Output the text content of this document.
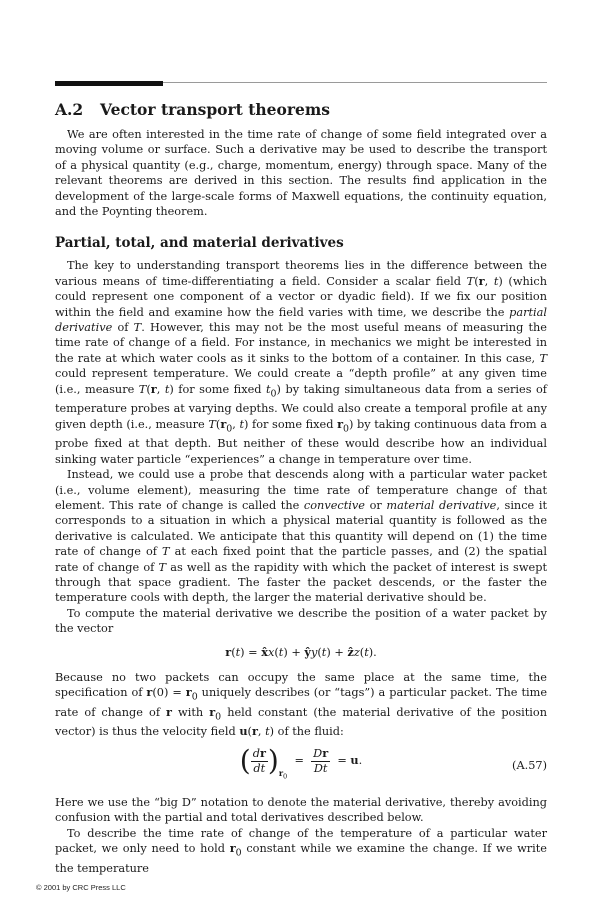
A.2 Vector transport theorems

We are often interested in the time rate of change of some field integrated over a moving volume or surface. Such a derivative may be used to describe the transport of a physical quantity (e.g., charge, momentum, energy) through space. Many of the relevant theorems are derived in this section. The results find application in the development of the large-scale forms of Maxwell equations, the continuity equation, and the Poynting theorem.

Partial, total, and material derivatives

The key to understanding transport theorems lies in the difference between the various means of time-differentiating a field. Consider a scalar field T(r, t) (which could represent one component of a vector or dyadic field). If we fix our position within the field and examine how the field varies with time, we describe the partial derivative of T. However, this may not be the most useful means of measuring the time rate of change of a field. For instance, in mechanics we might be interested in the rate at which water cools as it sinks to the bottom of a container. In this case, T could represent temperature. We could create a “depth profile” at any given time (i.e., measure T(r, t) for some fixed $t_0$) by taking simultaneous data from a series of temperature probes at varying depths. We could also create a temporal profile at any given depth (i.e., measure $T(r_0$, t) for some fixed $r_0$) by taking continuous data from a probe fixed at that depth. But neither of these would describe how an individual sinking water particle “experiences” a change in temperature over time.

Instead, we could use a probe that descends along with a particular water packet (i.e., volume element), measuring the time rate of temperature change of that element. This rate of change is called the convective or material derivative, since it corresponds to a situation in which a physical material quantity is followed as the derivative is calculated. We anticipate that this quantity will depend on (1) the time rate of change of T at each fixed point that the particle passes, and (2) the spatial rate of change of T as well as the rapidity with which the packet of interest is swept through that space gradient. The faster the packet descends, or the faster the temperature cools with depth, the larger the material derivative should be.

To compute the material derivative we describe the position of a water packet by the vector

r(t) = x̂x(t) + ŷy(t) + ẑz(t).

Because no two packets can occupy the same place at the same time, the specification of $r(0) = r_0$ uniquely describes (or “tags”) a particular packet. The time rate of change of r with $r_0$ held constant (the material derivative of the position vector) is thus the velocity field u(r, t) of the fluid:

( $\frac{dr}{dt} )_{r_0} = \frac{Dr}{Dt} = u$.	(A.57)

Here we use the “big D” notation to denote the material derivative, thereby avoiding confusion with the partial and total derivatives described below.

To describe the time rate of change of the temperature of a particular water packet, we only need to hold $r_0$ constant while we examine the change. If we write the temperature

© 2001 by CRC Press LLC
